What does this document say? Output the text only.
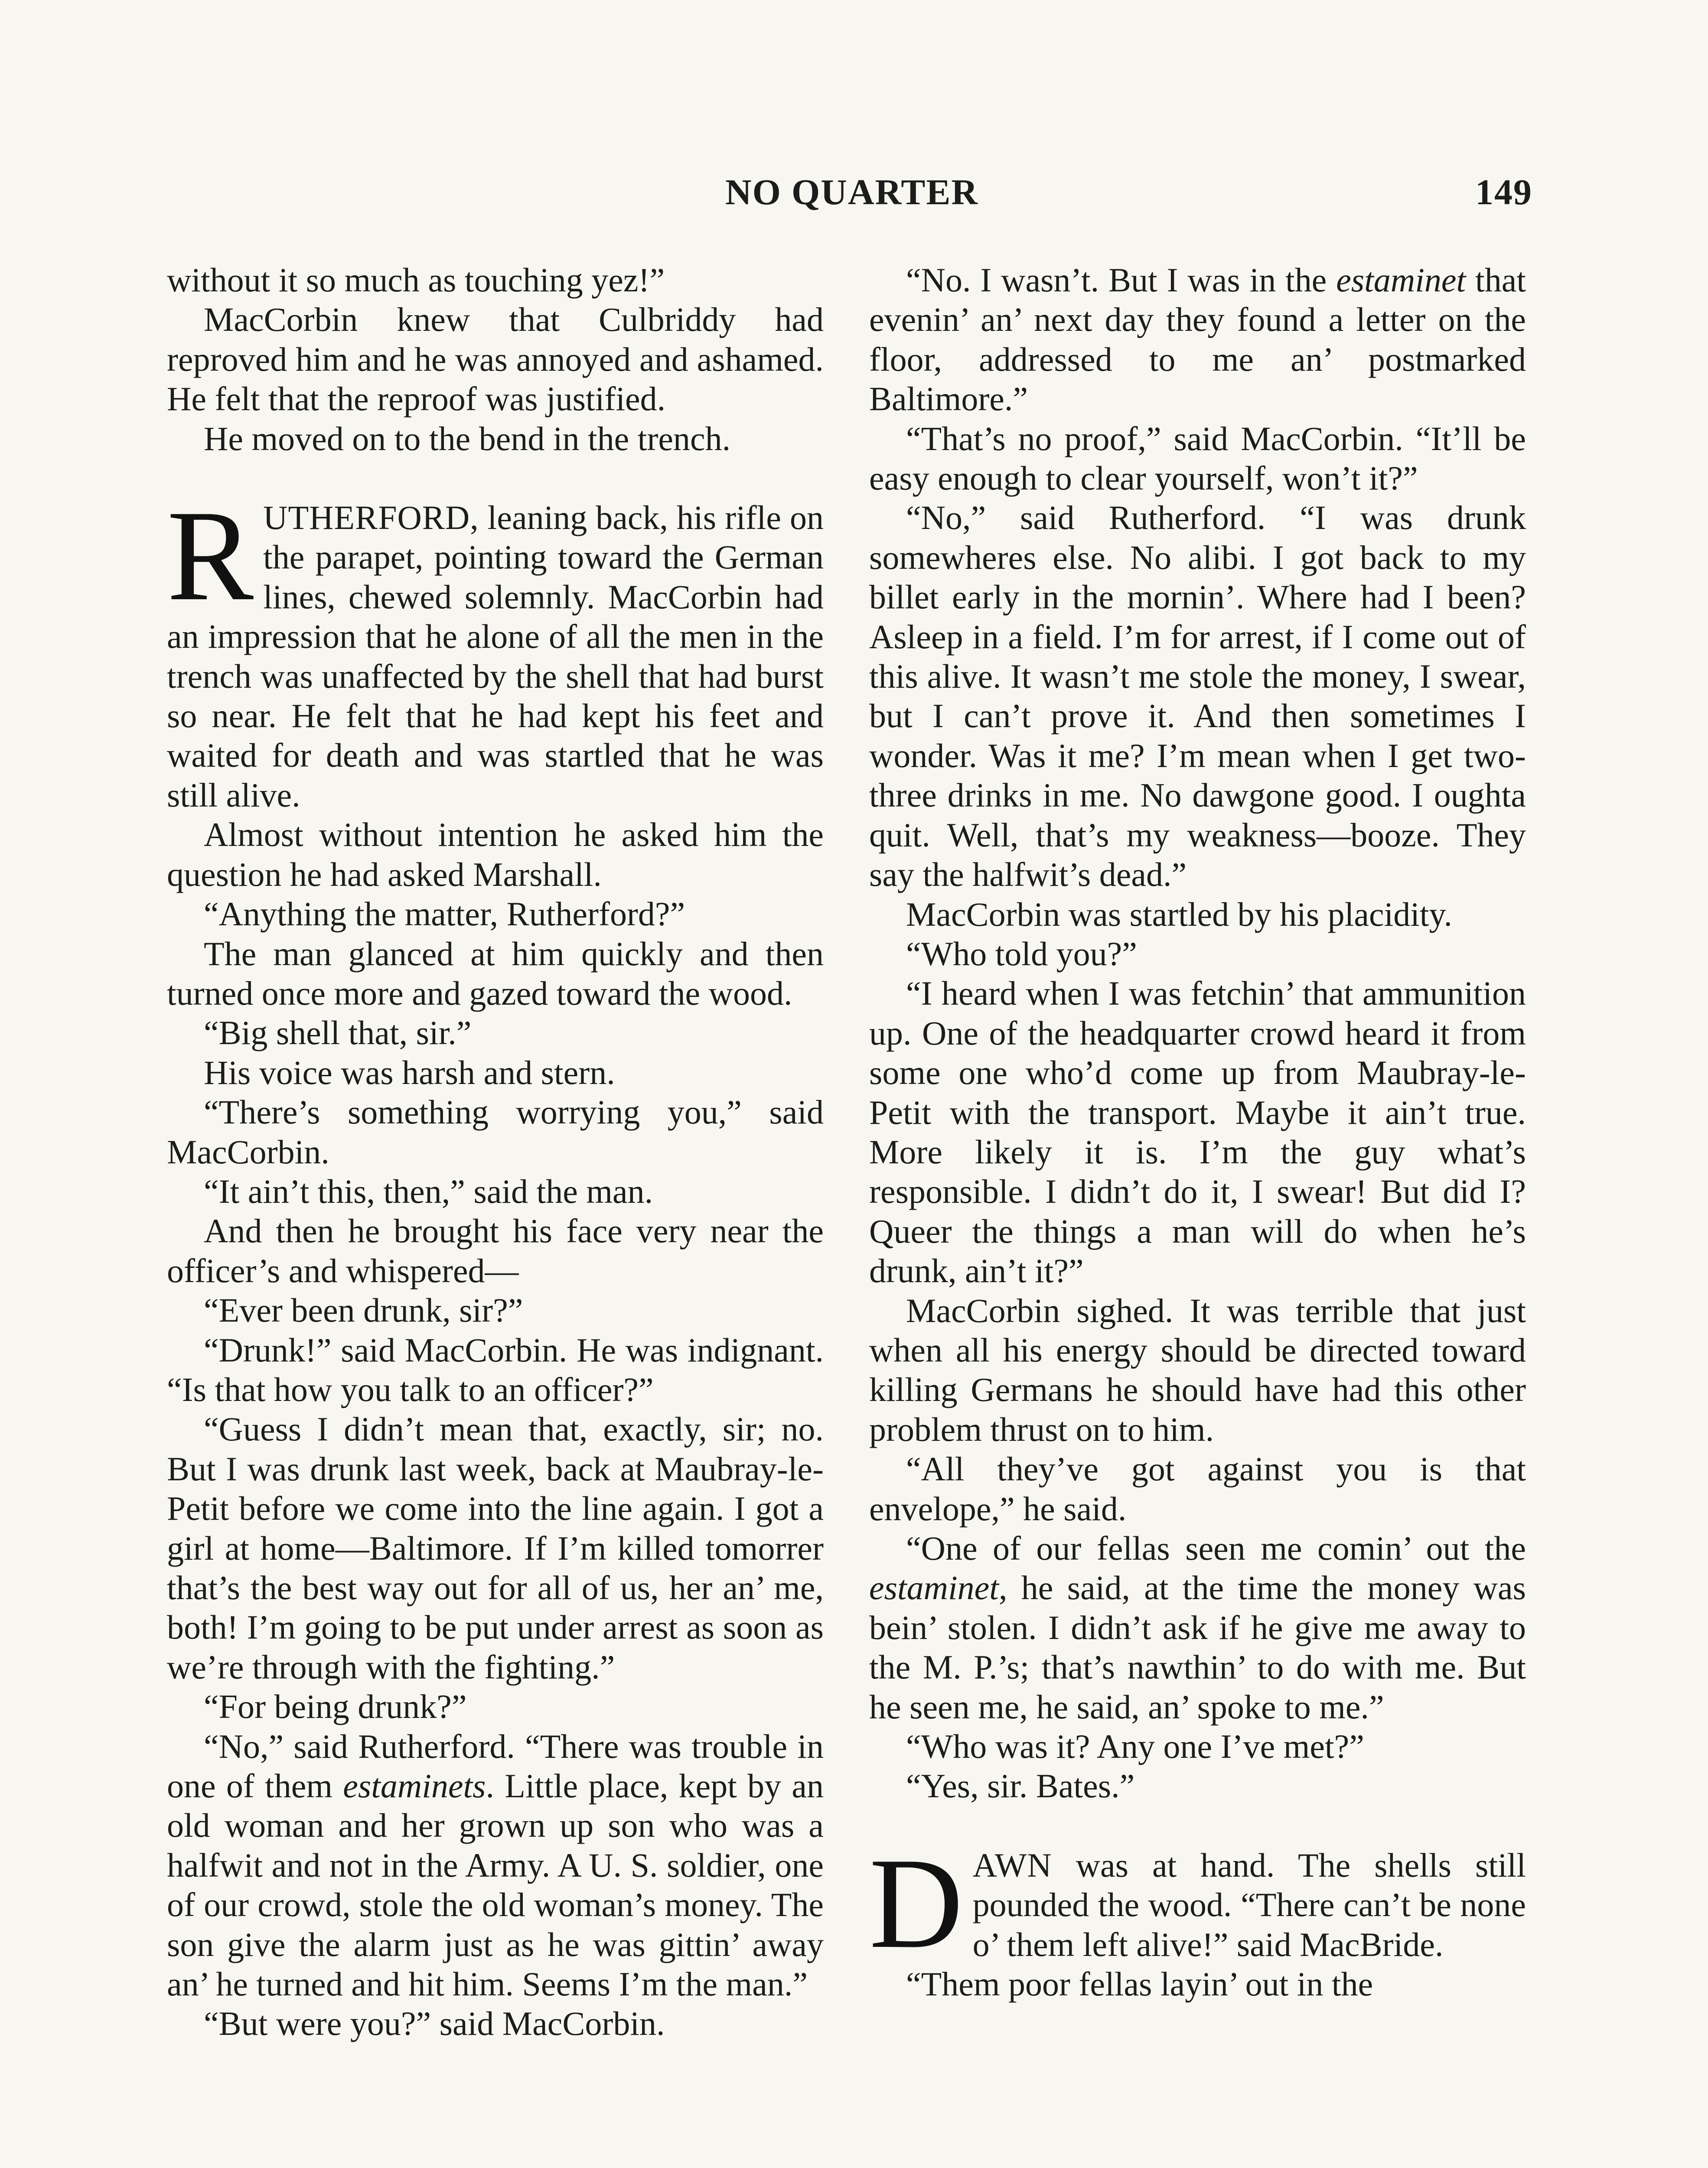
NO QUARTER	149

without it so much as touching yez!”

MacCorbin knew that Culbriddy had reproved him and he was annoyed and ashamed. He felt that the reproof was justified.

He moved on to the bend in the trench.

RUTHERFORD, leaning back, his rifle on the parapet, pointing toward the German lines, chewed solemnly. MacCorbin had an impression that he alone of all the men in the trench was unaffected by the shell that had burst so near. He felt that he had kept his feet and waited for death and was startled that he was still alive.

Almost without intention he asked him the question he had asked Marshall.

“Anything the matter, Rutherford?”

The man glanced at him quickly and then turned once more and gazed toward the wood.

“Big shell that, sir.”

His voice was harsh and stern.

“There’s something worrying you,” said MacCorbin.

“It ain’t this, then,” said the man.

And then he brought his face very near the officer’s and whispered—

“Ever been drunk, sir?”

“Drunk!” said MacCorbin. He was indignant. “Is that how you talk to an officer?”

“Guess I didn’t mean that, exactly, sir; no. But I was drunk last week, back at Maubray-le-Petit before we come into the line again. I got a girl at home—Baltimore. If I’m killed tomorrer that’s the best way out for all of us, her an’ me, both! I’m going to be put under arrest as soon as we’re through with the fighting.”

“For being drunk?”

“No,” said Rutherford. “There was trouble in one of them estaminets. Little place, kept by an old woman and her grown up son who was a halfwit and not in the Army. A U. S. soldier, one of our crowd, stole the old woman’s money. The son give the alarm just as he was gittin’ away an’ he turned and hit him. Seems I’m the man.”

“But were you?” said MacCorbin.

“No. I wasn’t. But I was in the estaminet that evenin’ an’ next day they found a letter on the floor, addressed to me an’ postmarked Baltimore.”

“That’s no proof,” said MacCorbin. “It’ll be easy enough to clear yourself, won’t it?”

“No,” said Rutherford. “I was drunk somewheres else. No alibi. I got back to my billet early in the mornin’. Where had I been? Asleep in a field. I’m for arrest, if I come out of this alive. It wasn’t me stole the money, I swear, but I can’t prove it. And then sometimes I wonder. Was it me? I’m mean when I get two-three drinks in me. No dawgone good. I oughta quit. Well, that’s my weakness—booze. They say the halfwit’s dead.”

MacCorbin was startled by his placidity.

“Who told you?”

“I heard when I was fetchin’ that ammunition up. One of the headquarter crowd heard it from some one who’d come up from Maubray-le-Petit with the transport. Maybe it ain’t true. More likely it is. I’m the guy what’s responsible. I didn’t do it, I swear! But did I? Queer the things a man will do when he’s drunk, ain’t it?”

MacCorbin sighed. It was terrible that just when all his energy should be directed toward killing Germans he should have had this other problem thrust on to him.

“All they’ve got against you is that envelope,” he said.

“One of our fellas seen me comin’ out the estaminet, he said, at the time the money was bein’ stolen. I didn’t ask if he give me away to the M. P.’s; that’s nawthin’ to do with me. But he seen me, he said, an’ spoke to me.”

“Who was it? Any one I’ve met?”

“Yes, sir. Bates.”

DAWN was at hand. The shells still pounded the wood. “There can’t be none o’ them left alive!” said MacBride.

“Them poor fellas layin’ out in the
